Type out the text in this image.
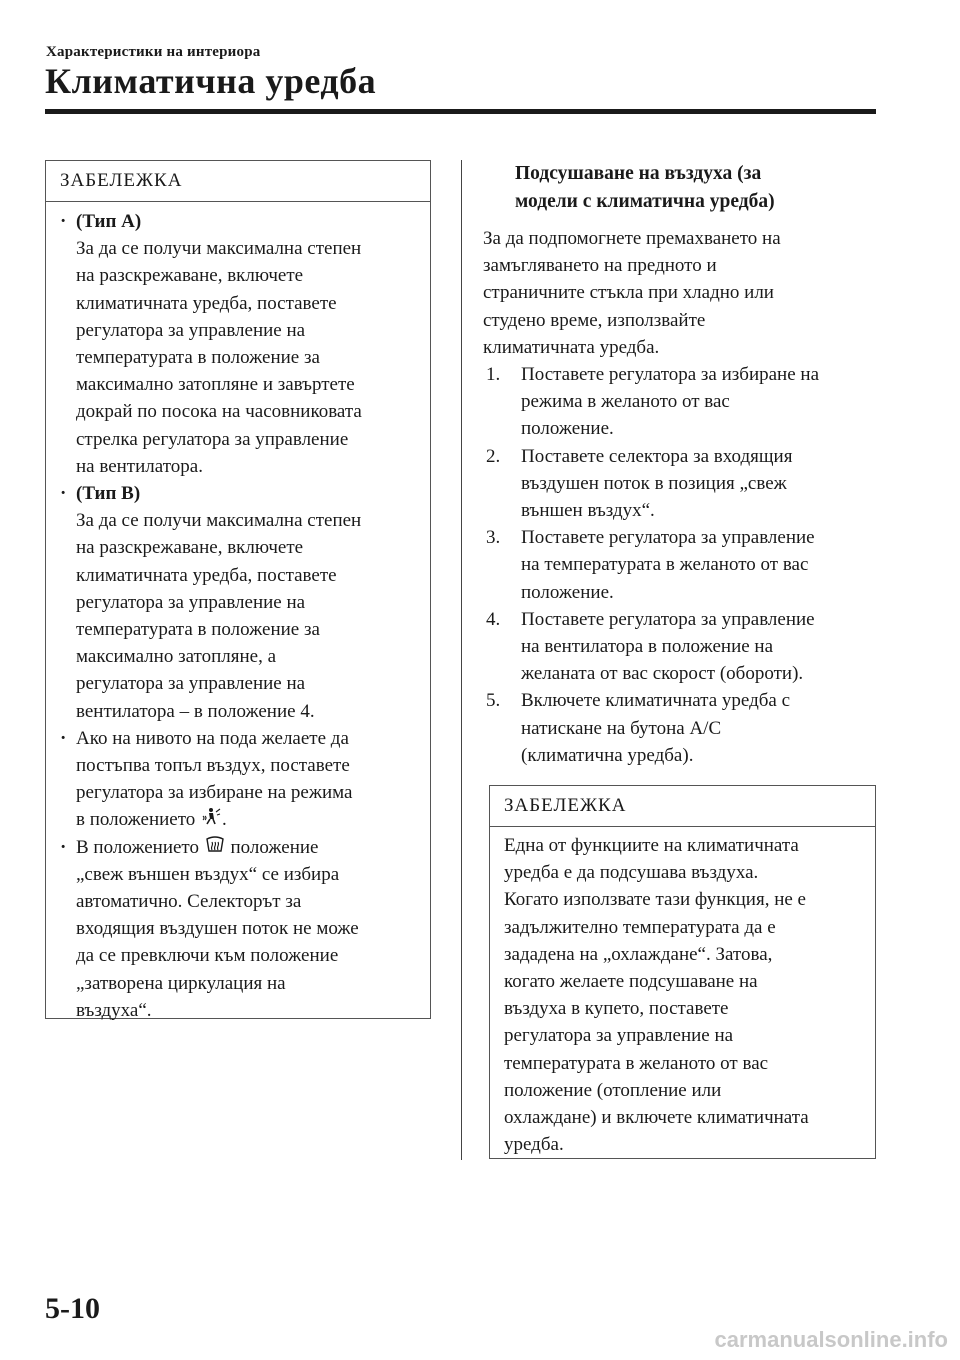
Характеристики на интериора
Климатична уредба
ЗАБЕЛЕЖКА
· (Тип A)
За да се получи максимална степен
на разскрежаване, включете
климатичната уредба, поставете
регулатора за управление на
температурата в положение за
максимално затопляне и завъртете
докрай по посока на часовниковата
стрелка регулатора за управление
на вентилатора.
· (Тип B)
За да се получи максимална степен
на разскрежаване, включете
климатичната уредба, поставете
регулатора за управление на
температурата в положение за
максимално затопляне, а
регулатора за управление на
вентилатора – в положение 4.
· Ако на нивото на пода желаете да
постъпва топъл въздух, поставете
регулатора за избиране на режима
в положението .
· В положението положение
„свеж външен въздух“ се избира
автоматично. Селекторът за
входящия въздушен поток не може
да се превключи към положение
„затворена циркулация на
въздуха“.
Подсушаване на въздуха (за
модели с климатична уредба)
За да подпомогнете премахването на
замъгляването на предното и
страничните стъкла при хладно или
студено време, използвайте
климатичната уредба.
1. Поставете регулатора за избиране на
режима в желаното от вас
положение.
2. Поставете селектора за входящия
въздушен поток в позиция „свеж
външен въздух“.
3. Поставете регулатора за управление
на температурата в желаното от вас
положение.
4. Поставете регулатора за управление
на вентилатора в положение на
желаната от вас скорост (обороти).
5. Включете климатичната уредба с
натискане на бутона A/C
(климатична уредба).
ЗАБЕЛЕЖКА
Една от функциите на климатичната
уредба е да подсушава въздуха.
Когато използвате тази функция, не е
задължително температурата да е
зададена на „охлаждане“. Затова,
когато желаете подсушаване на
въздуха в купето, поставете
регулатора за управление на
температурата в желаното от вас
положение (отопление или
охлаждане) и включете климатичната
уредба.
5-10
carmanualsonline.info
